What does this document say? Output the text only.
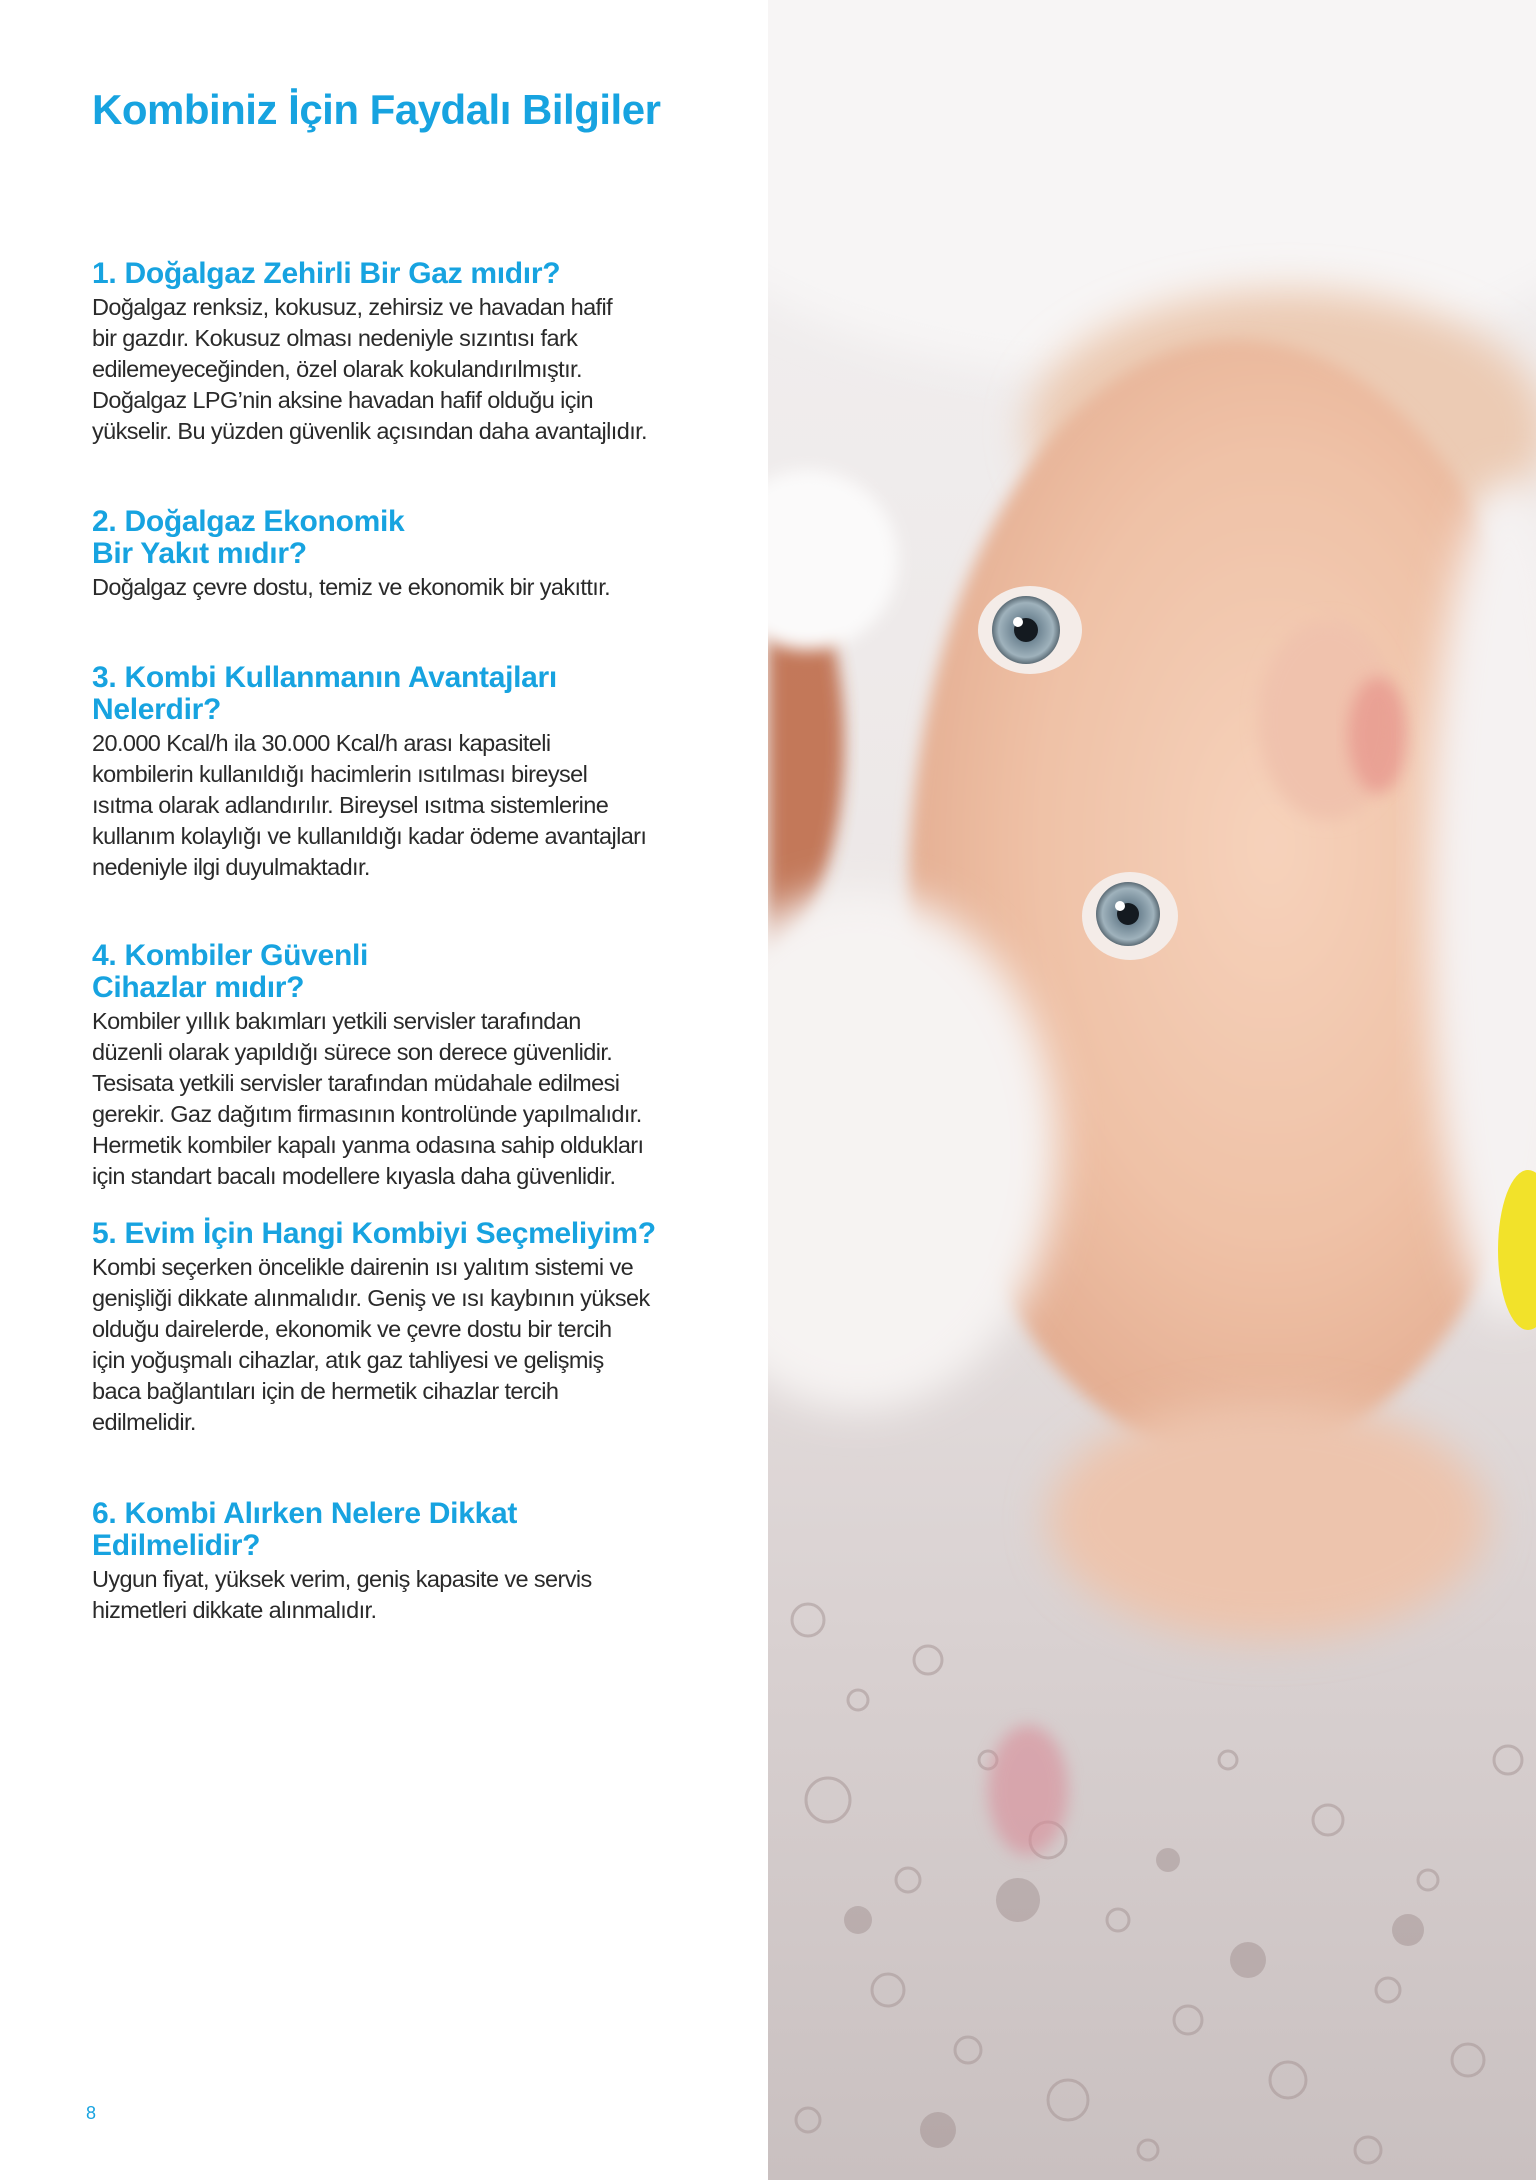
Kombiniz İçin Faydalı Bilgiler
1. Doğalgaz Zehirli Bir Gaz mıdır?

Doğalgaz renksiz, kokusuz, zehirsiz ve havadan hafif
bir gazdır. Kokusuz olması nedeniyle sızıntısı fark
edilemeyeceğinden, özel olarak kokulandırılmıştır.
Doğalgaz LPG’nin aksine havadan hafif olduğu için
yükselir. Bu yüzden güvenlik açısından daha avantajlıdır.

2. Doğalgaz Ekonomik
Bir Yakıt mıdır?

Doğalgaz çevre dostu, temiz ve ekonomik bir yakıttır.

3. Kombi Kullanmanın Avantajları
Nelerdir?

20.000 Kcal/h ila 30.000 Kcal/h arası kapasiteli
kombilerin kullanıldığı hacimlerin ısıtılması bireysel
ısıtma olarak adlandırılır. Bireysel ısıtma sistemlerine
kullanım kolaylığı ve kullanıldığı kadar ödeme avantajları
nedeniyle ilgi duyulmaktadır.

4. Kombiler Güvenli
Cihazlar mıdır?

Kombiler yıllık bakımları yetkili servisler tarafından
düzenli olarak yapıldığı sürece son derece güvenlidir.
Tesisata yetkili servisler tarafından müdahale edilmesi
gerekir. Gaz dağıtım firmasının kontrolünde yapılmalıdır.
Hermetik kombiler kapalı yanma odasına sahip oldukları
için standart bacalı modellere kıyasla daha güvenlidir.

5. Evim İçin Hangi Kombiyi Seçmeliyim?

Kombi seçerken öncelikle dairenin ısı yalıtım sistemi ve
genişliği dikkate alınmalıdır. Geniş ve ısı kaybının yüksek
olduğu dairelerde, ekonomik ve çevre dostu bir tercih
için yoğuşmalı cihazlar, atık gaz tahliyesi ve gelişmiş
baca bağlantıları için de hermetik cihazlar tercih
edilmelidir.

6. Kombi Alırken Nelere Dikkat
Edilmelidir?

Uygun fiyat, yüksek verim, geniş kapasite ve servis
hizmetleri dikkate alınmalıdır.

8
